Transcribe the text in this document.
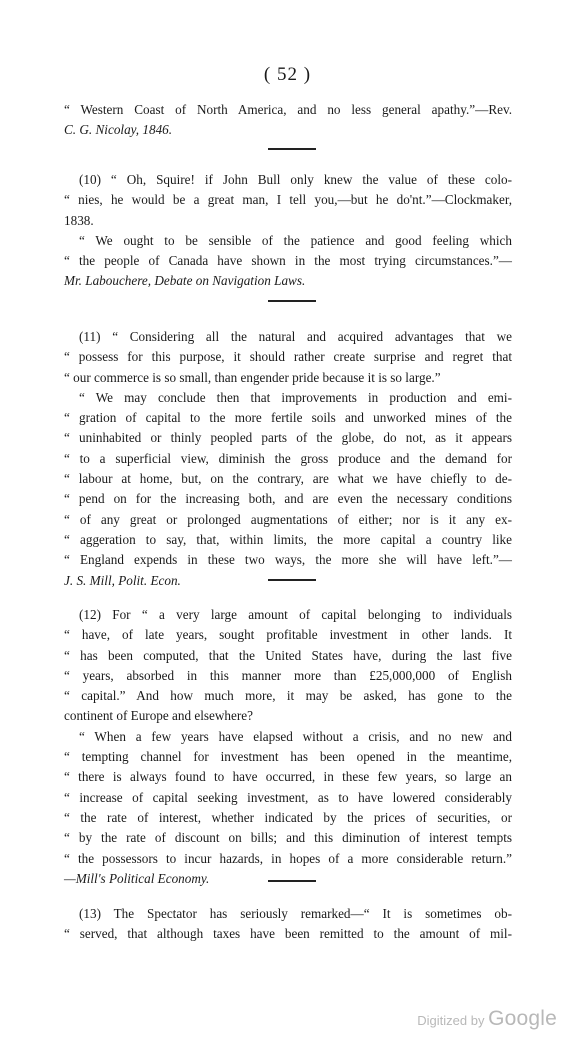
( 52 )
“ Western Coast of North America, and no less general apathy.”—Rev.
C. G. Nicolay, 1846.
(10) “ Oh, Squire! if John Bull only knew the value of these colo-
“ nies, he would be a great man, I tell you,—but he do'nt.”—Clockmaker,
1838.
“ We ought to be sensible of the patience and good feeling which
“ the people of Canada have shown in the most trying circumstances.”—
Mr. Labouchere, Debate on Navigation Laws.
(11) “ Considering all the natural and acquired advantages that we
“ possess for this purpose, it should rather create surprise and regret that
“ our commerce is so small, than engender pride because it is so large.”
“ We may conclude then that improvements in production and emi-
“ gration of capital to the more fertile soils and unworked mines of the
“ uninhabited or thinly peopled parts of the globe, do not, as it appears
“ to a superficial view, diminish the gross produce and the demand for
“ labour at home, but, on the contrary, are what we have chiefly to de-
“ pend on for the increasing both, and are even the necessary conditions
“ of any great or prolonged augmentations of either; nor is it any ex-
“ aggeration to say, that, within limits, the more capital a country like
“ England expends in these two ways, the more she will have left.”—
J. S. Mill, Polit. Econ.
(12) For “ a very large amount of capital belonging to individuals
“ have, of late years, sought profitable investment in other lands. It
“ has been computed, that the United States have, during the last five
“ years, absorbed in this manner more than £25,000,000 of English
“ capital.” And how much more, it may be asked, has gone to the
continent of Europe and elsewhere?
“ When a few years have elapsed without a crisis, and no new and
“ tempting channel for investment has been opened in the meantime,
“ there is always found to have occurred, in these few years, so large an
“ increase of capital seeking investment, as to have lowered considerably
“ the rate of interest, whether indicated by the prices of securities, or
“ by the rate of discount on bills; and this diminution of interest tempts
“ the possessors to incur hazards, in hopes of a more considerable return.”
—Mill's Political Economy.
(13) The Spectator has seriously remarked—“ It is sometimes ob-
“ served, that although taxes have been remitted to the amount of mil-
Digitized by Google
